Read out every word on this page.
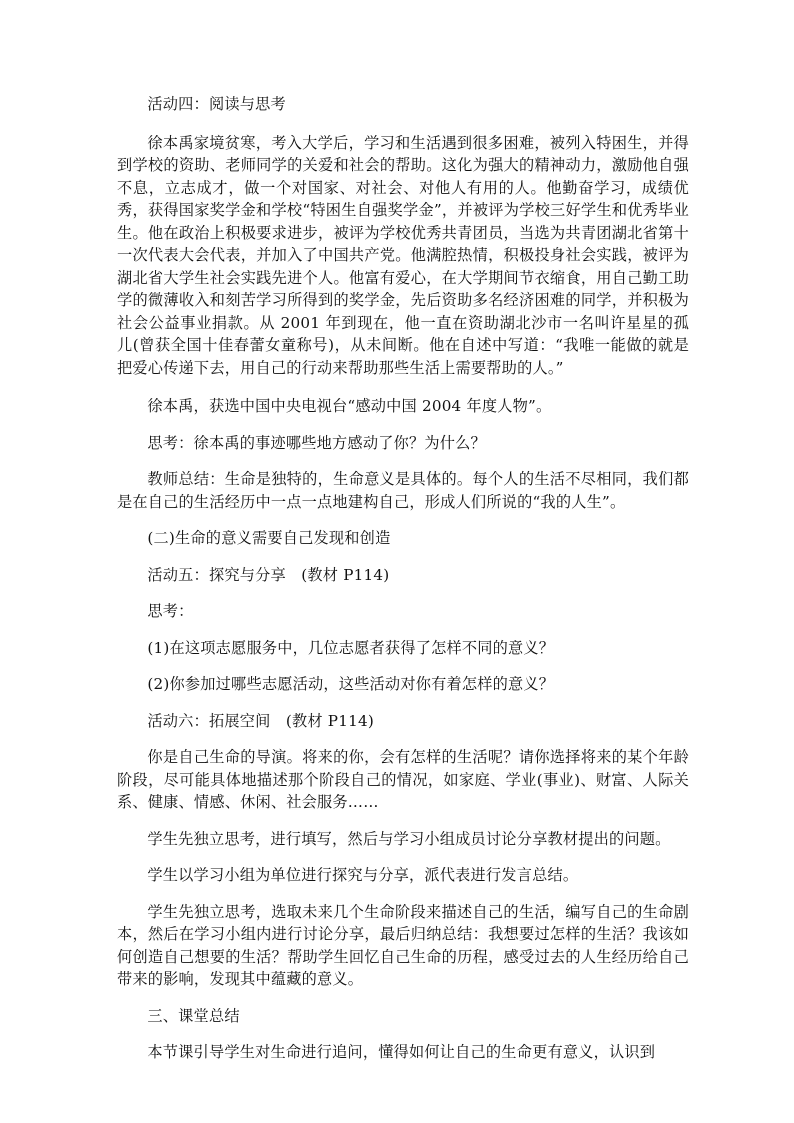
活动四：阅读与思考

徐本禹家境贫寒，考入大学后，学习和生活遇到很多困难，被列入特困生，并得到学校的资助、老师同学的关爱和社会的帮助。这化为强大的精神动力，激励他自强不息，立志成才，做一个对国家、对社会、对他人有用的人。他勤奋学习，成绩优秀，获得国家奖学金和学校“特困生自强奖学金”，并被评为学校三好学生和优秀毕业生。他在政治上积极要求进步，被评为学校优秀共青团员，当选为共青团湖北省第十一次代表大会代表，并加入了中国共产党。他满腔热情，积极投身社会实践，被评为湖北省大学生社会实践先进个人。他富有爱心，在大学期间节衣缩食，用自己勤工助学的微薄收入和刻苦学习所得到的奖学金，先后资助多名经济困难的同学，并积极为社会公益事业捐款。从 2001 年到现在，他一直在资助湖北沙市一名叫许星星的孤儿(曾获全国十佳春蕾女童称号)，从未间断。他在自述中写道：“我唯一能做的就是把爱心传递下去，用自己的行动来帮助那些生活上需要帮助的人。”

徐本禹，获选中国中央电视台“感动中国 2004 年度人物”。

思考：徐本禹的事迹哪些地方感动了你？为什么？

教师总结：生命是独特的，生命意义是具体的。每个人的生活不尽相同，我们都是在自己的生活经历中一点一点地建构自己，形成人们所说的“我的人生”。

(二)生命的意义需要自己发现和创造

活动五：探究与分享　(教材 P114)

思考：

(1)在这项志愿服务中，几位志愿者获得了怎样不同的意义？

(2)你参加过哪些志愿活动，这些活动对你有着怎样的意义？

活动六：拓展空间　(教材 P114)

你是自己生命的导演。将来的你，会有怎样的生活呢？请你选择将来的某个年龄阶段，尽可能具体地描述那个阶段自己的情况，如家庭、学业(事业)、财富、人际关系、健康、情感、休闲、社会服务……

学生先独立思考，进行填写，然后与学习小组成员讨论分享教材提出的问题。

学生以学习小组为单位进行探究与分享，派代表进行发言总结。

学生先独立思考，选取未来几个生命阶段来描述自己的生活，编写自己的生命剧本，然后在学习小组内进行讨论分享，最后归纳总结：我想要过怎样的生活？我该如何创造自己想要的生活？帮助学生回忆自己生命的历程，感受过去的人生经历给自己带来的影响，发现其中蕴藏的意义。

三、课堂总结

本节课引导学生对生命进行追问，懂得如何让自己的生命更有意义，认识到
